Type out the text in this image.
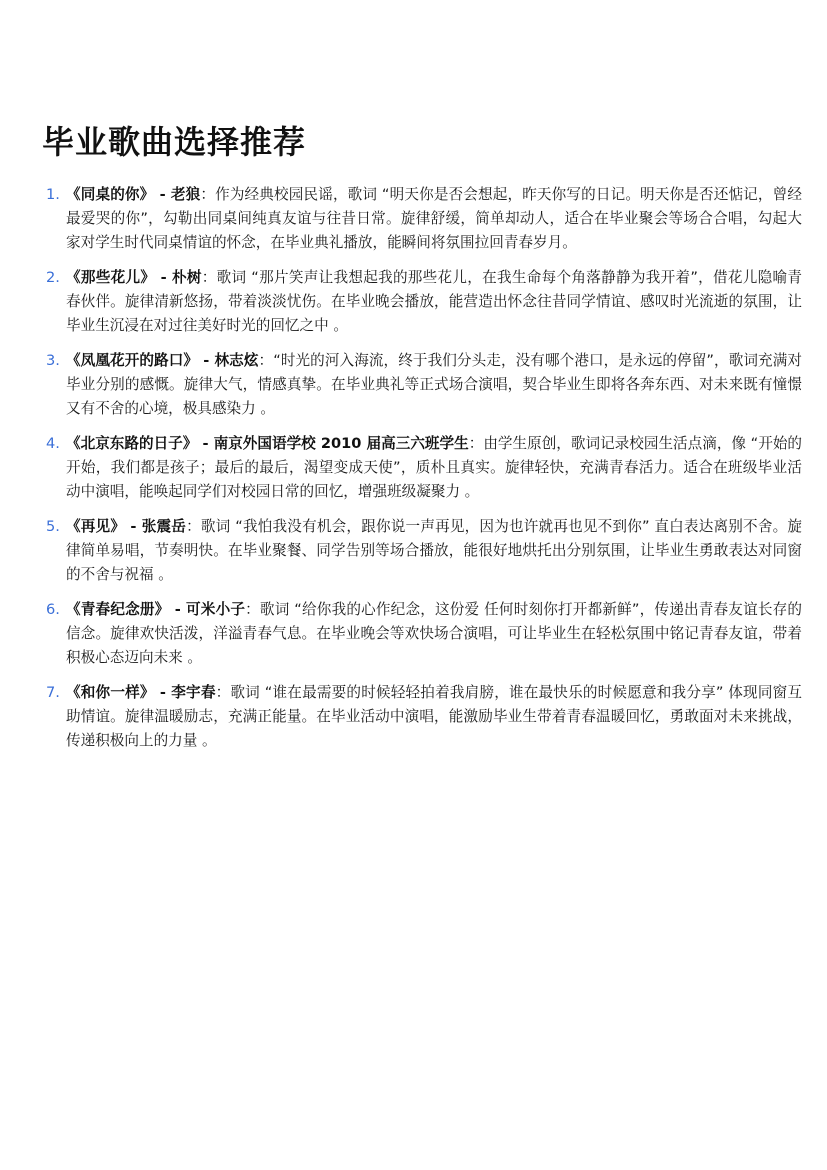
毕业歌曲选择推荐
1. 《同桌的你》 - 老狼：作为经典校园民谣，歌词 “明天你是否会想起，昨天你写的日记。明天你是否还惦记，曾经最爱哭的你”，勾勒出同桌间纯真友谊与往昔日常。旋律舒缓，简单却动人，适合在毕业聚会等场合合唱，勾起大家对学生时代同桌情谊的怀念，在毕业典礼播放，能瞬间将氛围拉回青春岁月。
2. 《那些花儿》 - 朴树：歌词 “那片笑声让我想起我的那些花儿，在我生命每个角落静静为我开着”，借花儿隐喻青春伙伴。旋律清新悠扬，带着淡淡忧伤。在毕业晚会播放，能营造出怀念往昔同学情谊、感叹时光流逝的氛围，让毕业生沉浸在对过往美好时光的回忆之中 。
3. 《凤凰花开的路口》 - 林志炫：“时光的河入海流，终于我们分头走，没有哪个港口，是永远的停留”，歌词充满对毕业分别的感慨。旋律大气，情感真挚。在毕业典礼等正式场合演唱，契合毕业生即将各奔东西、对未来既有憧憬又有不舍的心境，极具感染力 。
4. 《北京东路的日子》 - 南京外国语学校 2010 届高三六班学生：由学生原创，歌词记录校园生活点滴，像 “开始的开始，我们都是孩子；最后的最后，渴望变成天使”，质朴且真实。旋律轻快，充满青春活力。适合在班级毕业活动中演唱，能唤起同学们对校园日常的回忆，增强班级凝聚力 。
5. 《再见》 - 张震岳：歌词 “我怕我没有机会，跟你说一声再见，因为也许就再也见不到你” 直白表达离别不舍。旋律简单易唱，节奏明快。在毕业聚餐、同学告别等场合播放，能很好地烘托出分别氛围，让毕业生勇敢表达对同窗的不舍与祝福 。
6. 《青春纪念册》 - 可米小子：歌词 “给你我的心作纪念，这份爱 任何时刻你打开都新鲜”，传递出青春友谊长存的信念。旋律欢快活泼，洋溢青春气息。在毕业晚会等欢快场合演唱，可让毕业生在轻松氛围中铭记青春友谊，带着积极心态迈向未来 。
7. 《和你一样》 - 李宇春：歌词 “谁在最需要的时候轻轻拍着我肩膀，谁在最快乐的时候愿意和我分享” 体现同窗互助情谊。旋律温暖励志，充满正能量。在毕业活动中演唱，能激励毕业生带着青春温暖回忆，勇敢面对未来挑战，传递积极向上的力量 。
